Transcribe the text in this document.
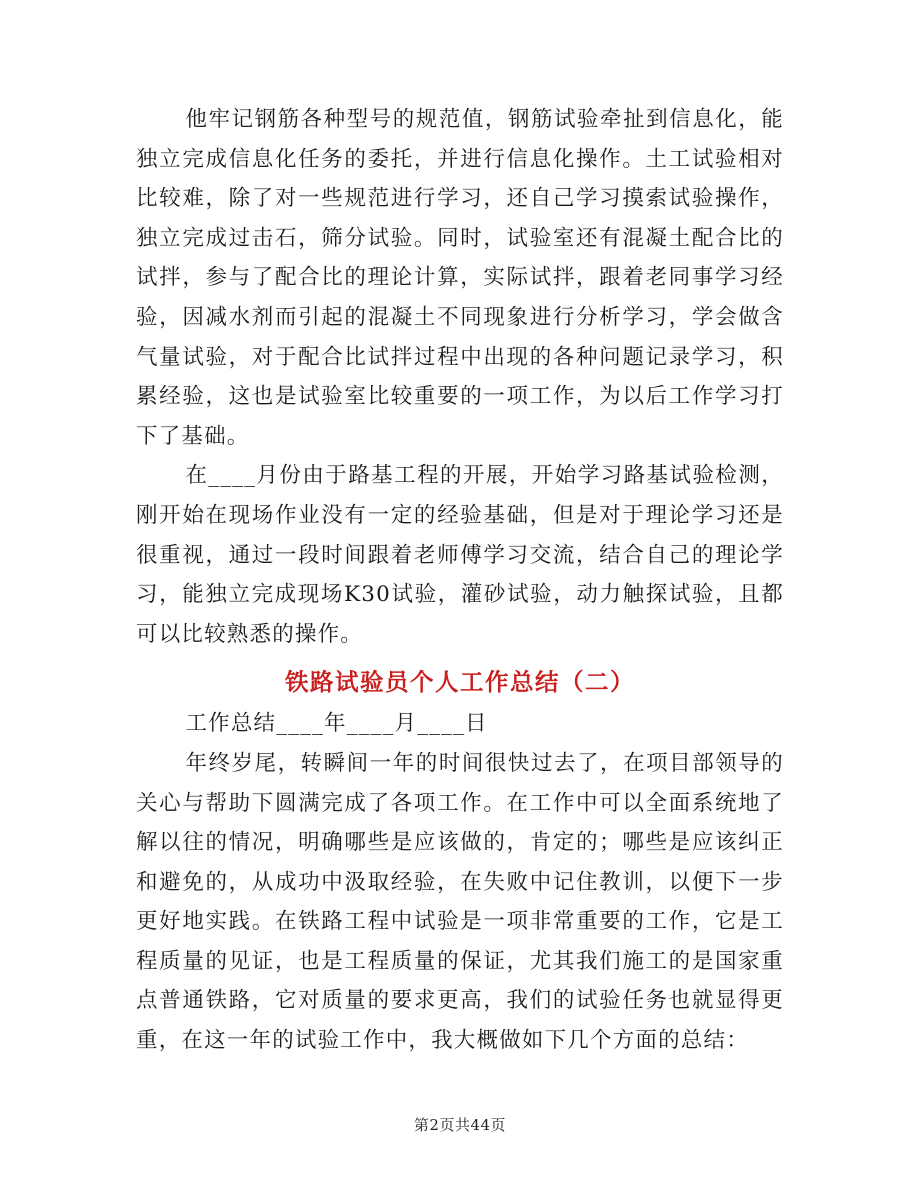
他牢记钢筋各种型号的规范值，钢筋试验牵扯到信息化，能独立完成信息化任务的委托，并进行信息化操作。土工试验相对比较难，除了对一些规范进行学习，还自己学习摸索试验操作，独立完成过击石，筛分试验。同时，试验室还有混凝土配合比的试拌，参与了配合比的理论计算，实际试拌，跟着老同事学习经验，因减水剂而引起的混凝土不同现象进行分析学习，学会做含气量试验，对于配合比试拌过程中出现的各种问题记录学习，积累经验，这也是试验室比较重要的一项工作，为以后工作学习打下了基础。

在____月份由于路基工程的开展，开始学习路基试验检测，刚开始在现场作业没有一定的经验基础，但是对于理论学习还是很重视，通过一段时间跟着老师傅学习交流，结合自己的理论学习，能独立完成现场K30试验，灌砂试验，动力触探试验，且都可以比较熟悉的操作。

铁路试验员个人工作总结（二）

工作总结____年____月____日

年终岁尾，转瞬间一年的时间很快过去了，在项目部领导的关心与帮助下圆满完成了各项工作。在工作中可以全面系统地了解以往的情况，明确哪些是应该做的，肯定的；哪些是应该纠正和避免的，从成功中汲取经验，在失败中记住教训，以便下一步更好地实践。在铁路工程中试验是一项非常重要的工作，它是工程质量的见证，也是工程质量的保证，尤其我们施工的是国家重点普通铁路，它对质量的要求更高，我们的试验任务也就显得更重，在这一年的试验工作中，我大概做如下几个方面的总结：

第2页共44页
